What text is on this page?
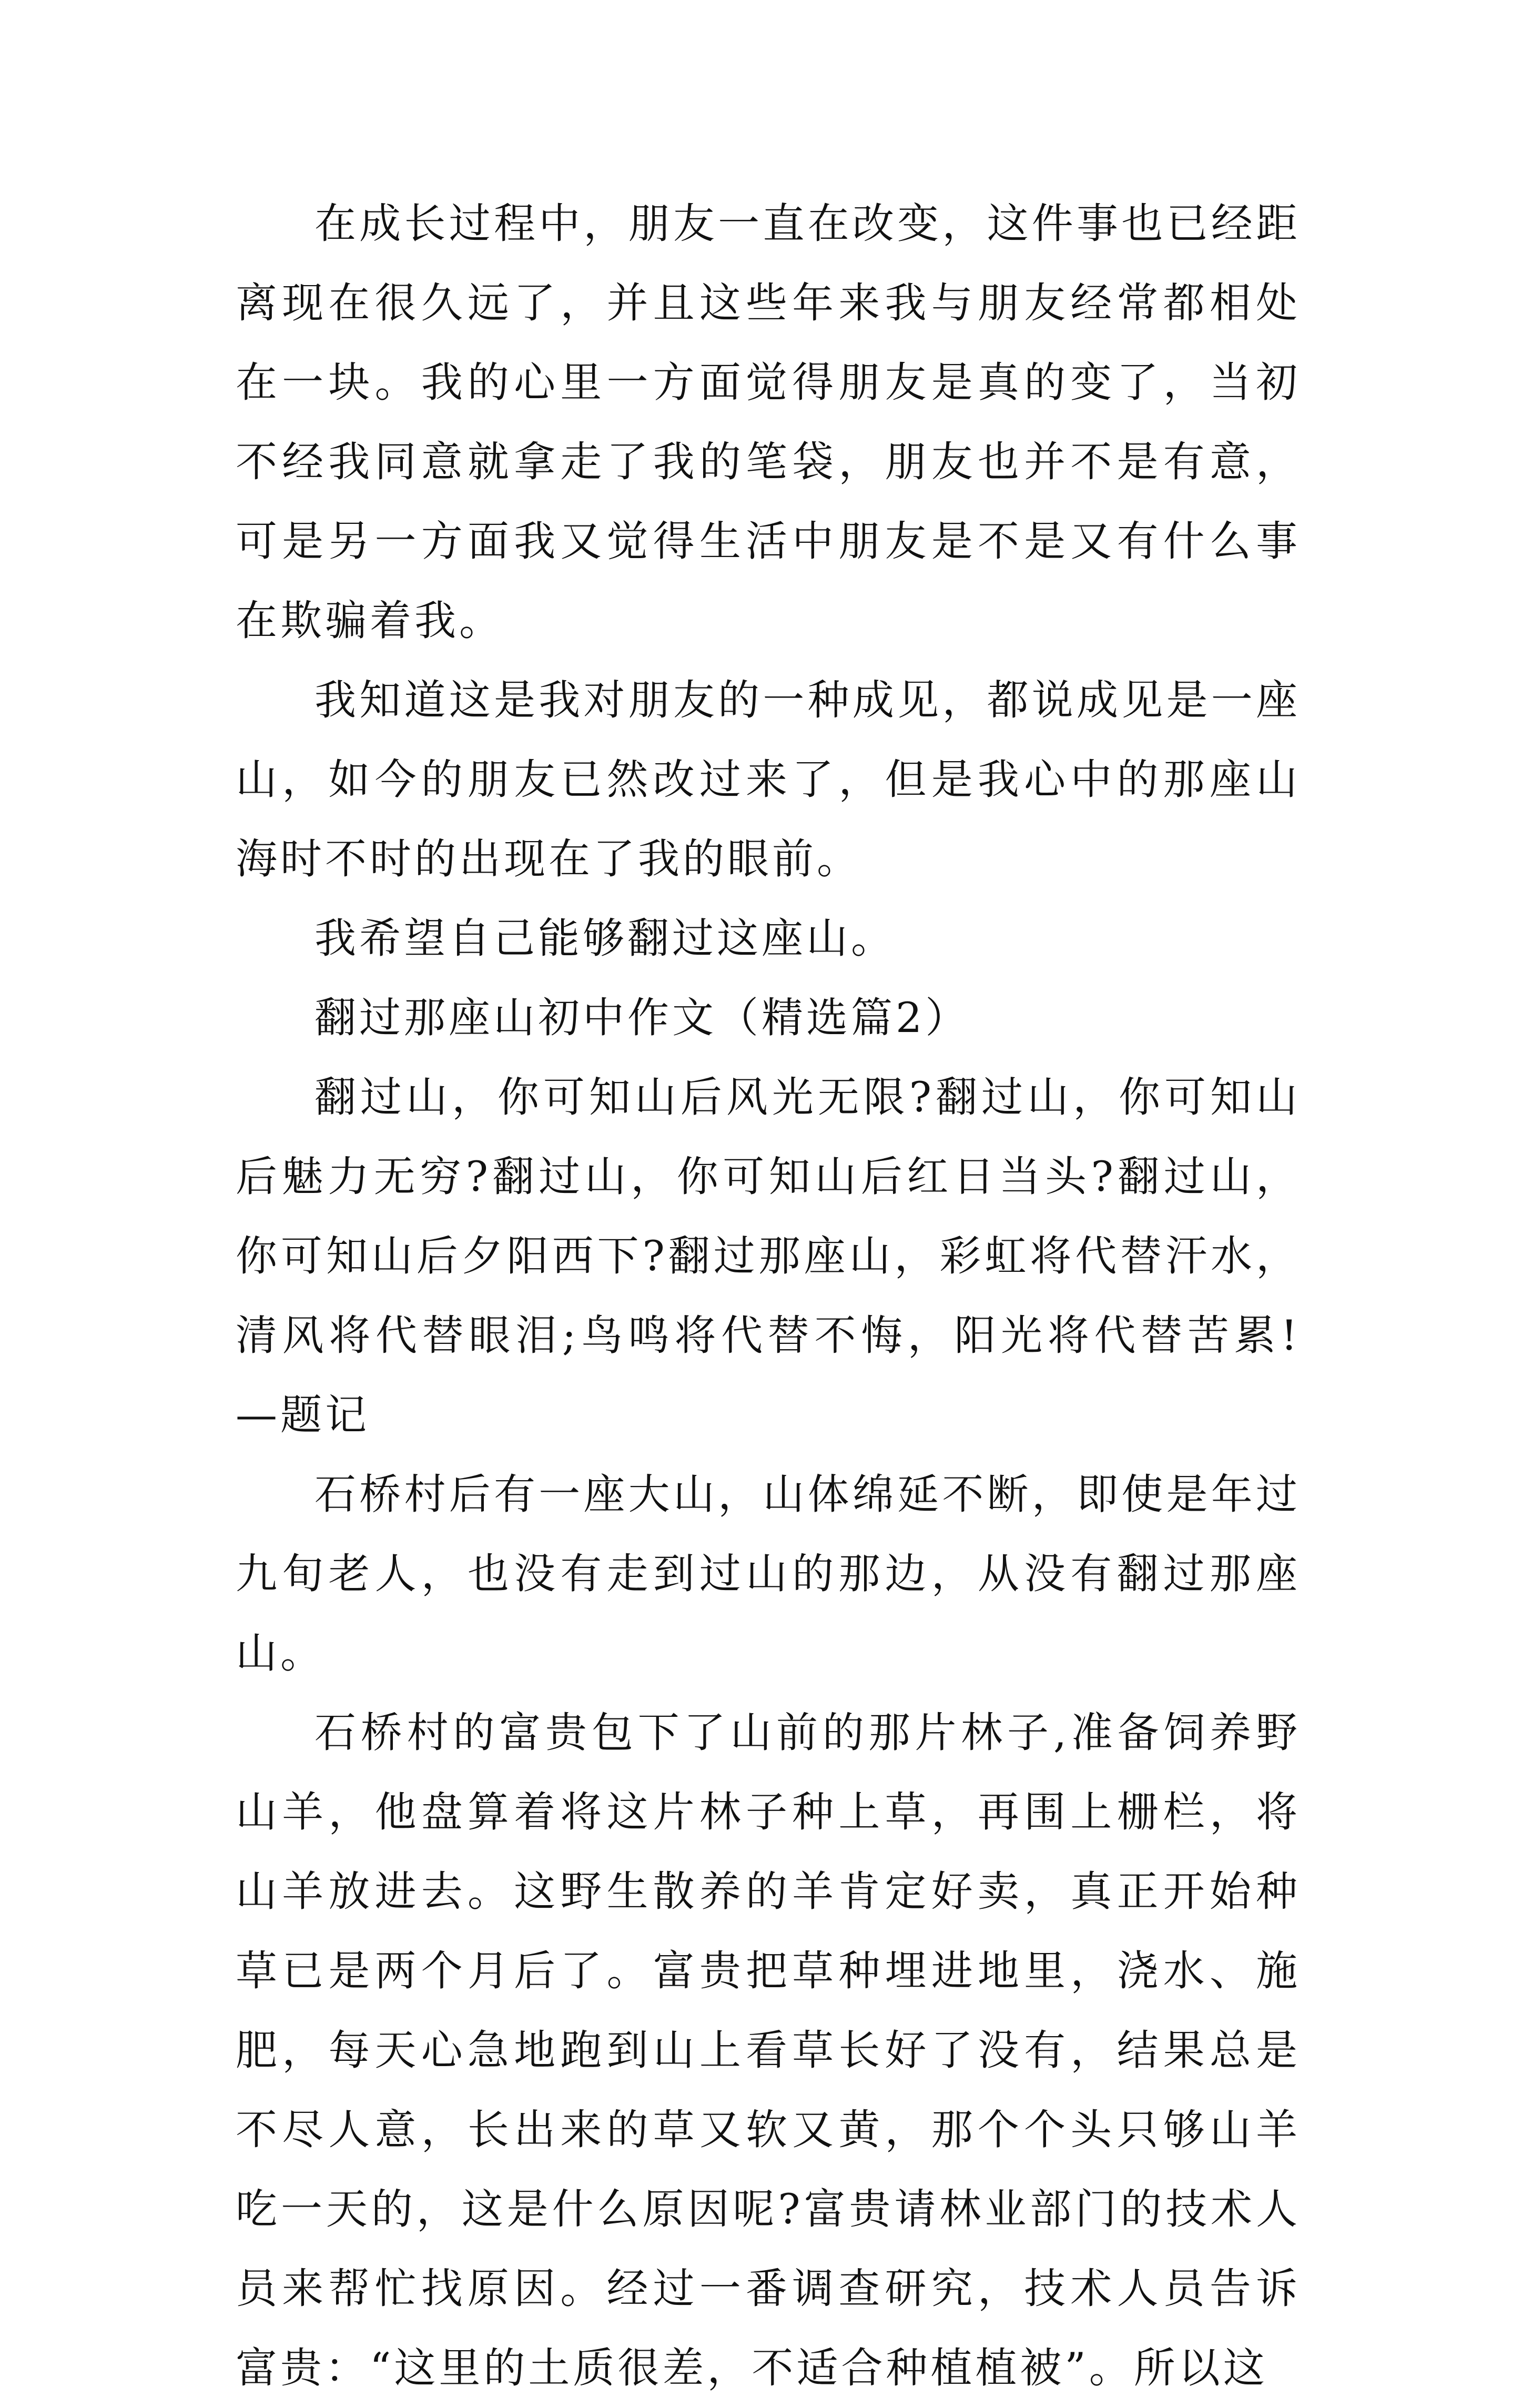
在成长过程中，朋友一直在改变，这件事也已经距离现在很久远了，并且这些年来我与朋友经常都相处在一块。我的心里一方面觉得朋友是真的变了，当初不经我同意就拿走了我的笔袋，朋友也并不是有意，可是另一方面我又觉得生活中朋友是不是又有什么事在欺骗着我。

我知道这是我对朋友的一种成见，都说成见是一座山，如今的朋友已然改过来了，但是我心中的那座山海时不时的出现在了我的眼前。

我希望自己能够翻过这座山。

翻过那座山初中作文（精选篇2）

翻过山，你可知山后风光无限?翻过山，你可知山后魅力无穷?翻过山，你可知山后红日当头?翻过山，你可知山后夕阳西下?翻过那座山，彩虹将代替汗水，清风将代替眼泪;鸟鸣将代替不悔，阳光将代替苦累!—题记

石桥村后有一座大山，山体绵延不断，即使是年过九旬老人，也没有走到过山的那边，从没有翻过那座山。

石桥村的富贵包下了山前的那片林子,准备饲养野山羊，他盘算着将这片林子种上草，再围上栅栏，将山羊放进去。这野生散养的羊肯定好卖，真正开始种草已是两个月后了。富贵把草种埋进地里，浇水、施肥，每天心急地跑到山上看草长好了没有，结果总是不尽人意，长出来的草又软又黄，那个个头只够山羊吃一天的，这是什么原因呢?富贵请林业部门的技术人员来帮忙找原因。经过一番调查研究，技术人员告诉富贵：“这里的土质很差，不适合种植植被”。所以这
